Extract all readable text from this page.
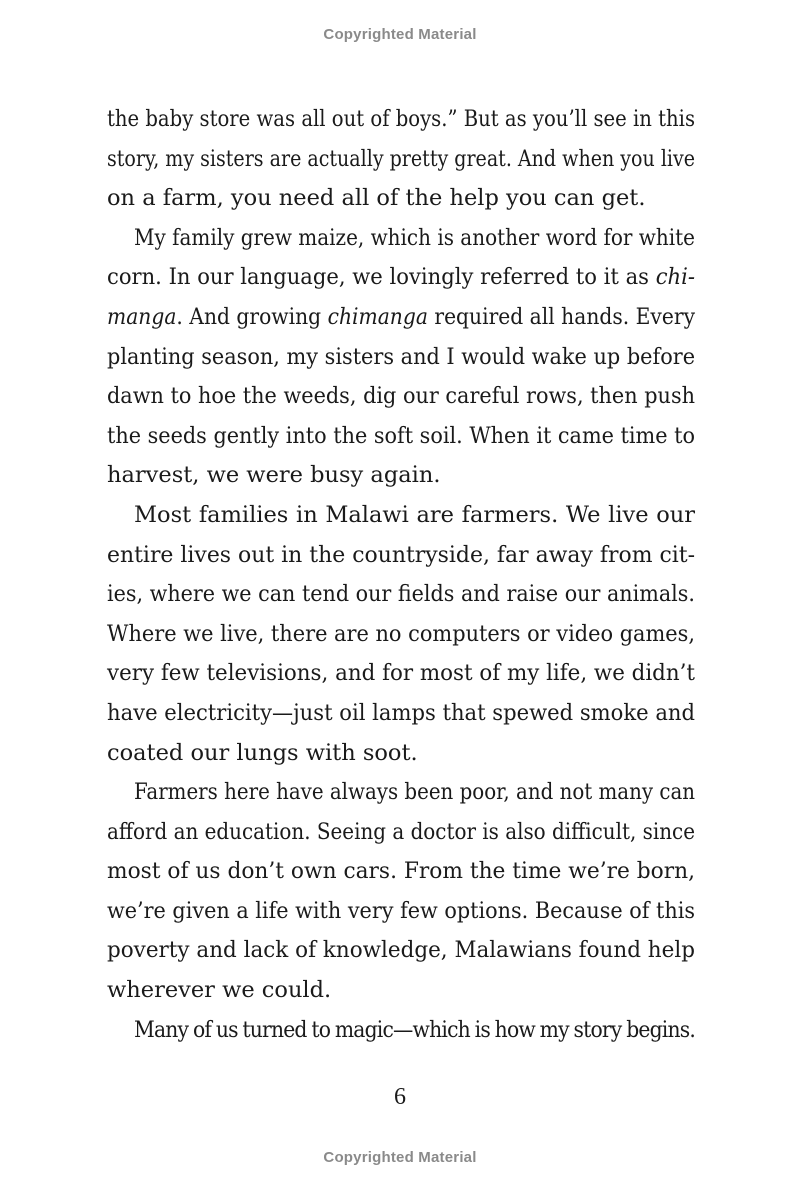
Copyrighted Material
the baby store was all out of boys.” But as you’ll see in this
story, my sisters are actually pretty great. And when you live
on a farm, you need all of the help you can get.
My family grew maize, which is another word for white
corn. In our language, we lovingly referred to it as chi-
manga. And growing chimanga required all hands. Every
planting season, my sisters and I would wake up before
dawn to hoe the weeds, dig our careful rows, then push
the seeds gently into the soft soil. When it came time to
harvest, we were busy again.
Most families in Malawi are farmers. We live our
entire lives out in the countryside, far away from cit-
ies, where we can tend our fields and raise our animals.
Where we live, there are no computers or video games,
very few televisions, and for most of my life, we didn’t
have electricity—just oil lamps that spewed smoke and
coated our lungs with soot.
Farmers here have always been poor, and not many can
afford an education. Seeing a doctor is also difficult, since
most of us don’t own cars. From the time we’re born,
we’re given a life with very few options. Because of this
poverty and lack of knowledge, Malawians found help
wherever we could.
Many of us turned to magic—which is how my story begins.
6
Copyrighted Material
